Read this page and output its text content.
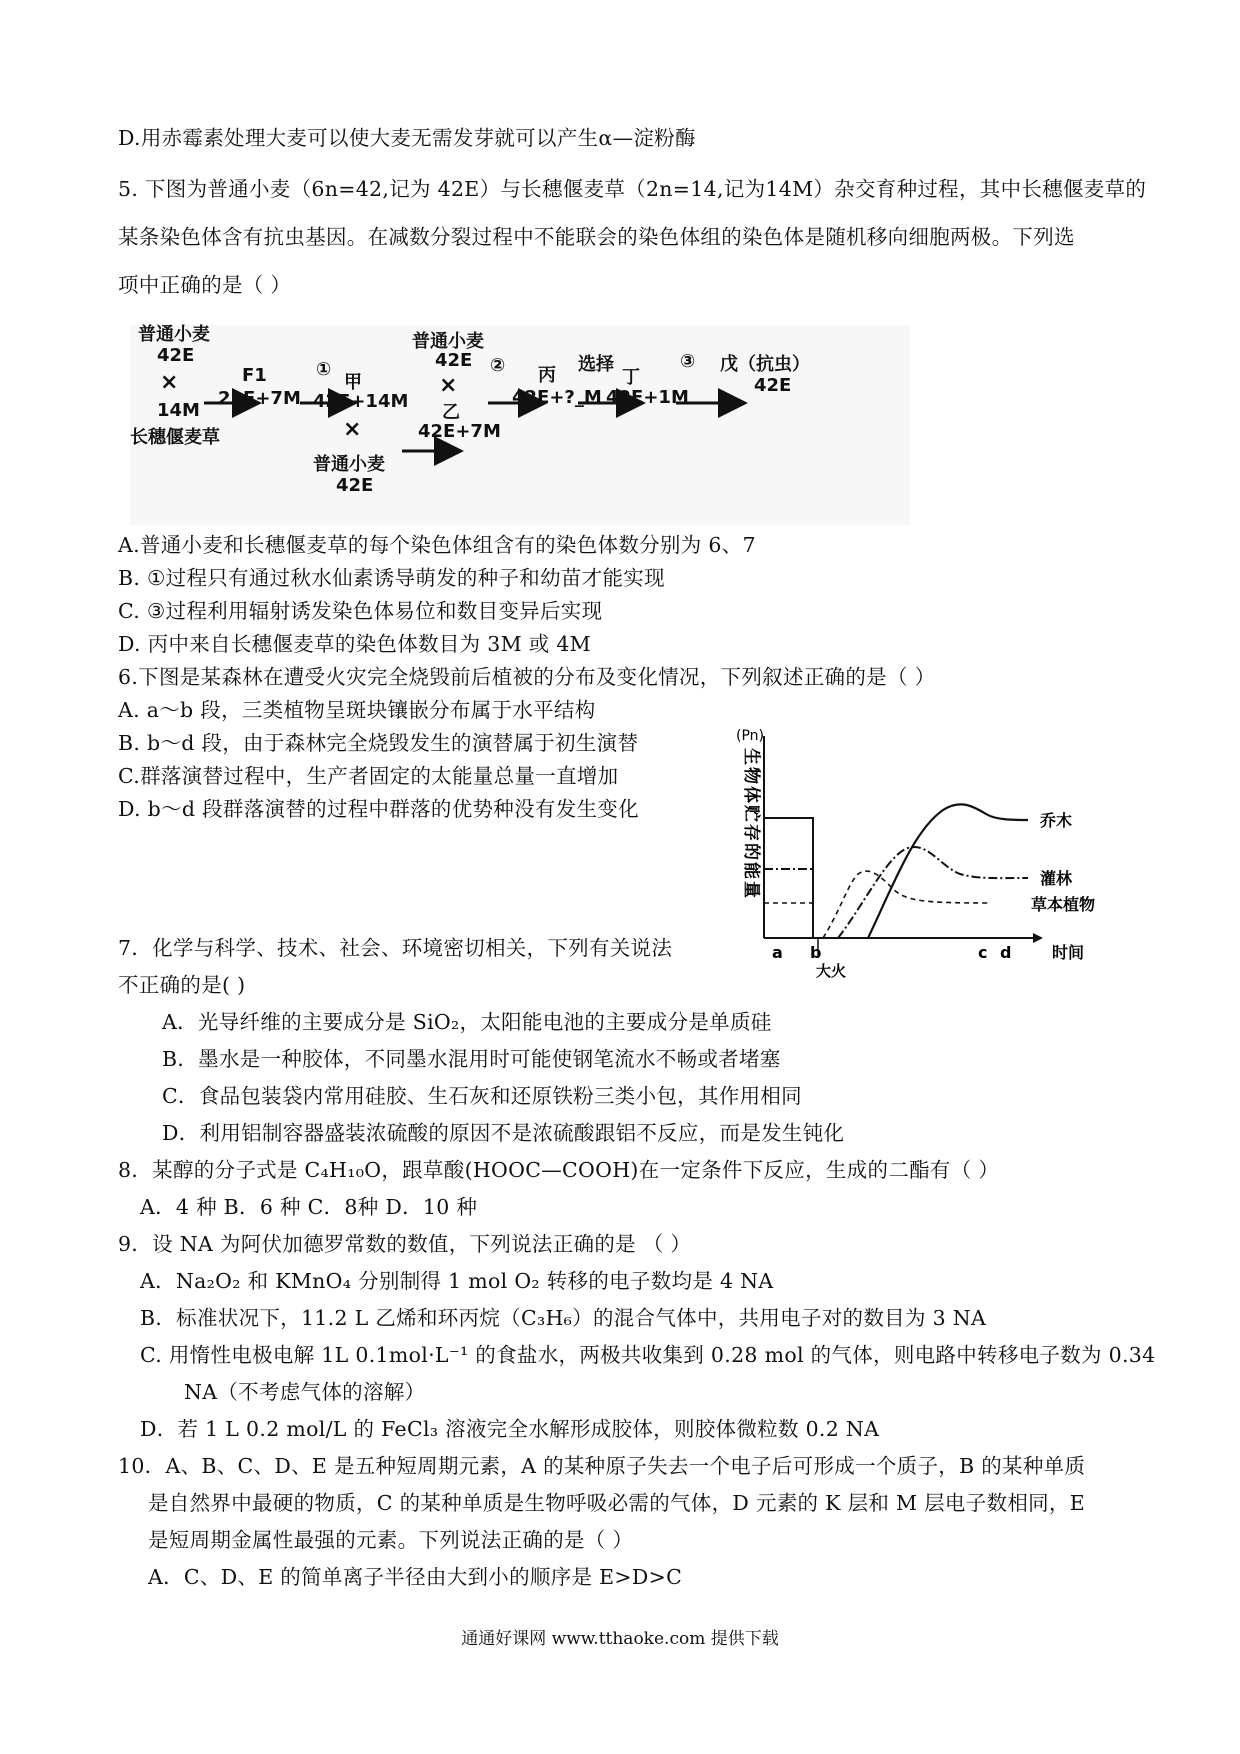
D.用赤霉素处理大麦可以使大麦无需发芽就可以产生α—淀粉酶
5. 下图为普通小麦（6n=42,记为 42E）与长穗偃麦草（2n=14,记为14M）杂交育种过程，其中长穗偃麦草的
某条染色体含有抗虫基因。在减数分裂过程中不能联会的染色体组的染色体是随机移向细胞两极。下列选
项中正确的是（ ）
普通小麦
42E
×
14M
长穗偃麦草
F1
21E+7M
①
甲
42E+14M
×
普通小麦
42E
普通小麦
42E
×
乙
42E+7M
② 丙
42E+?_M
选择
丁
42E+1M
③ 戊（抗虫）
42E
A.普通小麦和长穗偃麦草的每个染色体组含有的染色体数分别为 6、7
B. ①过程只有通过秋水仙素诱导萌发的种子和幼苗才能实现
C. ③过程利用辐射诱发染色体易位和数目变异后实现
D. 丙中来自长穗偃麦草的染色体数目为 3M 或 4M
6.下图是某森林在遭受火灾完全烧毁前后植被的分布及变化情况，下列叙述正确的是（ ）
A. a～b 段，三类植物呈斑块镶嵌分布属于水平结构
B. b～d 段，由于森林完全烧毁发生的演替属于初生演替
C.群落演替过程中，生产者固定的太能量总量一直增加
D. b～d 段群落演替的过程中群落的优势种没有发生变化
(Pn)
生物体贮存的能量	乔木
灌林
草本植物
a b	c d	时间
大火
7．化学与科学、技术、社会、环境密切相关，下列有关说法
不正确的是( )
A．光导纤维的主要成分是 SiO₂，太阳能电池的主要成分是单质硅
B．墨水是一种胶体，不同墨水混用时可能使钢笔流水不畅或者堵塞
C．食品包装袋内常用硅胶、生石灰和还原铁粉三类小包，其作用相同
D．利用铝制容器盛装浓硫酸的原因不是浓硫酸跟铝不反应，而是发生钝化
8．某醇的分子式是 C₄H₁₀O，跟草酸(HOOC—COOH)在一定条件下反应，生成的二酯有（ ）
A．4 种 B．6 种 C．8种 D．10 种
9．设 NA 为阿伏加德罗常数的数值，下列说法正确的是 （ ）
A．Na₂O₂ 和 KMnO₄ 分别制得 1 mol O₂ 转移的电子数均是 4 NA
B．标准状况下，11.2 L 乙烯和环丙烷（C₃H₆）的混合气体中，共用电子对的数目为 3 NA
C. 用惰性电极电解 1L 0.1mol·L⁻¹ 的食盐水，两极共收集到 0.28 mol 的气体，则电路中转移电子数为 0.34
NA（不考虑气体的溶解）
D．若 1 L 0.2 mol/L 的 FeCl₃ 溶液完全水解形成胶体，则胶体微粒数 0.2 NA
10．A、B、C、D、E 是五种短周期元素，A 的某种原子失去一个电子后可形成一个质子，B 的某种单质
是自然界中最硬的物质，C 的某种单质是生物呼吸必需的气体，D 元素的 K 层和 M 层电子数相同，E
是短周期金属性最强的元素。下列说法正确的是（ ）
A．C、D、E 的简单离子半径由大到小的顺序是 E>D>C
通通好课网 www.tthaoke.com 提供下载
